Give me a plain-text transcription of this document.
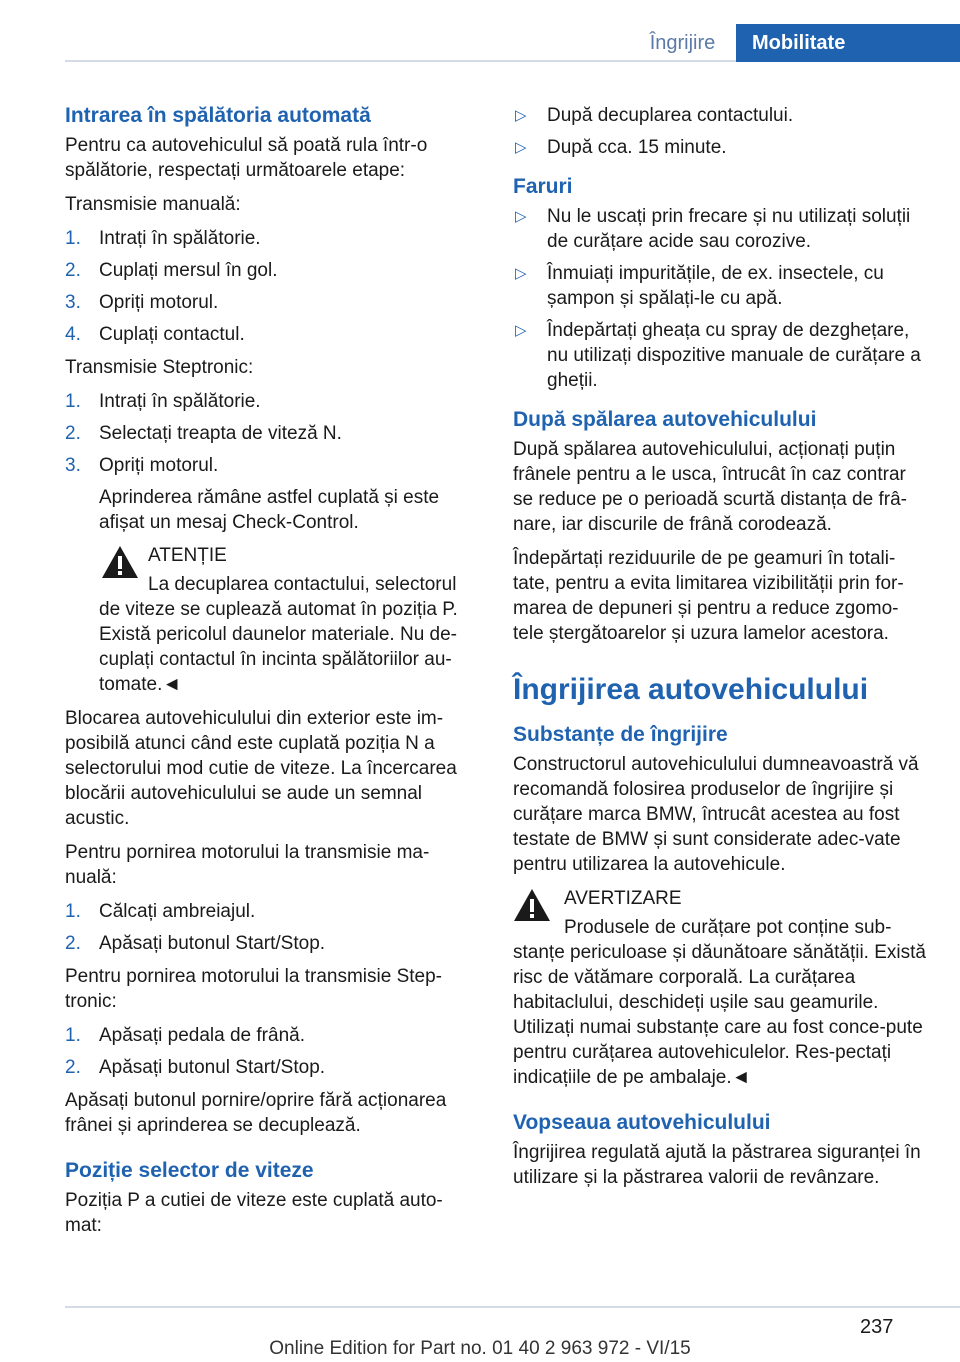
Îngrijire	Mobilitate
Intrarea în spălătoria automată

Pentru ca autovehiculul să poată rula într-o spălătorie, respectați următoarele etape:

Transmisie manuală:

1. Intrați în spălătorie.
2. Cuplați mersul în gol.
3. Opriți motorul.
4. Cuplați contactul.

Transmisie Steptronic:

1. Intrați în spălătorie.
2. Selectați treapta de viteză N.
3. Opriți motorul.
Aprinderea rămâne astfel cuplată și este afișat un mesaj Check-Control.
ATENȚIE
La decuplarea contactului, selectorul de viteze se cuplează automat în poziția P. Există pericolul daunelor materiale. Nu de-cuplați contactul în incinta spălătoriilor au-tomate.◄

Blocarea autovehiculului din exterior este im-posibilă atunci când este cuplată poziția N a selectorului mod cutie de viteze. La încercarea blocării autovehiculului se aude un semnal acustic.

Pentru pornirea motorului la transmisie ma-nuală:

1. Călcați ambreiajul.
2. Apăsați butonul Start/Stop.

Pentru pornirea motorului la transmisie Step-tronic:

1. Apăsați pedala de frână.
2. Apăsați butonul Start/Stop.

Apăsați butonul pornire/oprire fără acționarea frânei și aprinderea se decuplează.

Poziție selector de viteze

Poziția P a cutiei de viteze este cuplată auto-mat:

▷ După decuplarea contactului.
▷ După cca. 15 minute.
Faruri
▷ Nu le uscați prin frecare și nu utilizați soluții de curățare acide sau corozive.
▷ Înmuiați impuritățile, de ex. insectele, cu șampon și spălați-le cu apă.
▷ Îndepărtați gheața cu spray de dezghețare, nu utilizați dispozitive manuale de curățare a gheții.
După spălarea autovehiculului

După spălarea autovehiculului, acționați puțin frânele pentru a le usca, întrucât în caz contrar se reduce pe o perioadă scurtă distanța de frâ-nare, iar discurile de frână corodează.

Îndepărtați reziduurile de pe geamuri în totali-tate, pentru a evita limitarea vizibilității prin for-marea de depuneri și pentru a reduce zgomo-tele ștergătoarelor și uzura lamelor acestora.

Îngrijirea autovehiculului
Substanțe de îngrijire

Constructorul autovehiculului dumneavoastră vă recomandă folosirea produselor de îngrijire și curățare marca BMW, întrucât acestea au fost testate de BMW și sunt considerate adec-vate pentru utilizarea la autovehicule.

AVERTIZARE
Produsele de curățare pot conține sub-stanțe periculoase și dăunătoare sănătății. Există risc de vătămare corporală. La curățarea habitaclului, deschideți ușile sau geamurile. Utilizați numai substanțe care au fost conce-pute pentru curățarea autovehiculelor. Res-pectați indicațiile de pe ambalaje.◄
Vopseaua autovehiculului

Îngrijirea regulată ajută la păstrarea siguranței în utilizare și la păstrarea valorii de revânzare.

237
Online Edition for Part no. 01 40 2 963 972 - VI/15
